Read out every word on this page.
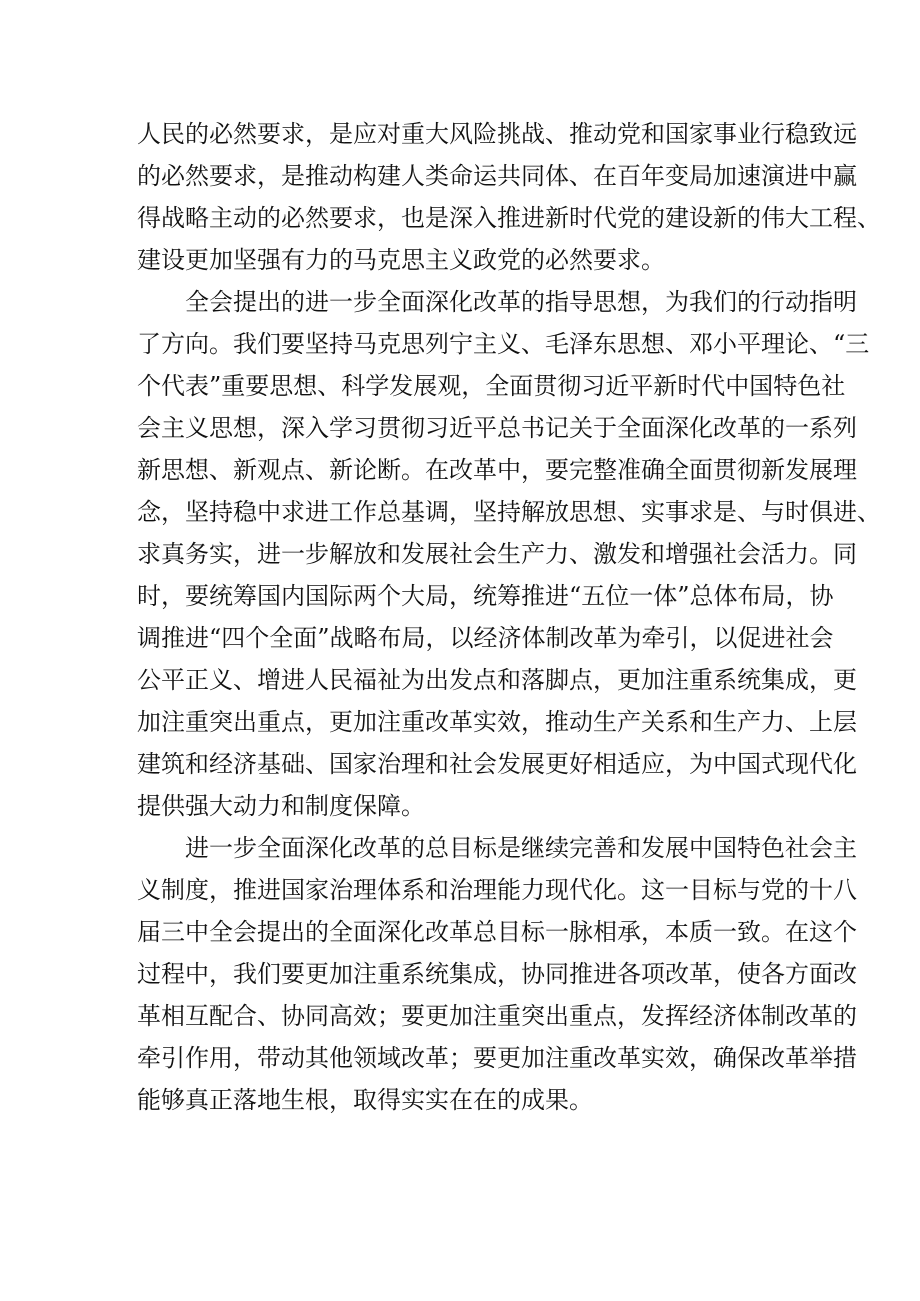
人民的必然要求，是应对重大风险挑战、推动党和国家事业行稳致远
的必然要求，是推动构建人类命运共同体、在百年变局加速演进中赢
得战略主动的必然要求，也是深入推进新时代党的建设新的伟大工程、
建设更加坚强有力的马克思主义政党的必然要求。
　　全会提出的进一步全面深化改革的指导思想，为我们的行动指明
了方向。我们要坚持马克思列宁主义、毛泽东思想、邓小平理论、“三
个代表”重要思想、科学发展观，全面贯彻习近平新时代中国特色社
会主义思想，深入学习贯彻习近平总书记关于全面深化改革的一系列
新思想、新观点、新论断。在改革中，要完整准确全面贯彻新发展理
念，坚持稳中求进工作总基调，坚持解放思想、实事求是、与时俱进、
求真务实，进一步解放和发展社会生产力、激发和增强社会活力。同
时，要统筹国内国际两个大局，统筹推进“五位一体”总体布局，协
调推进“四个全面”战略布局，以经济体制改革为牵引，以促进社会
公平正义、增进人民福祉为出发点和落脚点，更加注重系统集成，更
加注重突出重点，更加注重改革实效，推动生产关系和生产力、上层
建筑和经济基础、国家治理和社会发展更好相适应，为中国式现代化
提供强大动力和制度保障。
　　进一步全面深化改革的总目标是继续完善和发展中国特色社会主
义制度，推进国家治理体系和治理能力现代化。这一目标与党的十八
届三中全会提出的全面深化改革总目标一脉相承，本质一致。在这个
过程中，我们要更加注重系统集成，协同推进各项改革，使各方面改
革相互配合、协同高效；要更加注重突出重点，发挥经济体制改革的
牵引作用，带动其他领域改革；要更加注重改革实效，确保改革举措
能够真正落地生根，取得实实在在的成果。
